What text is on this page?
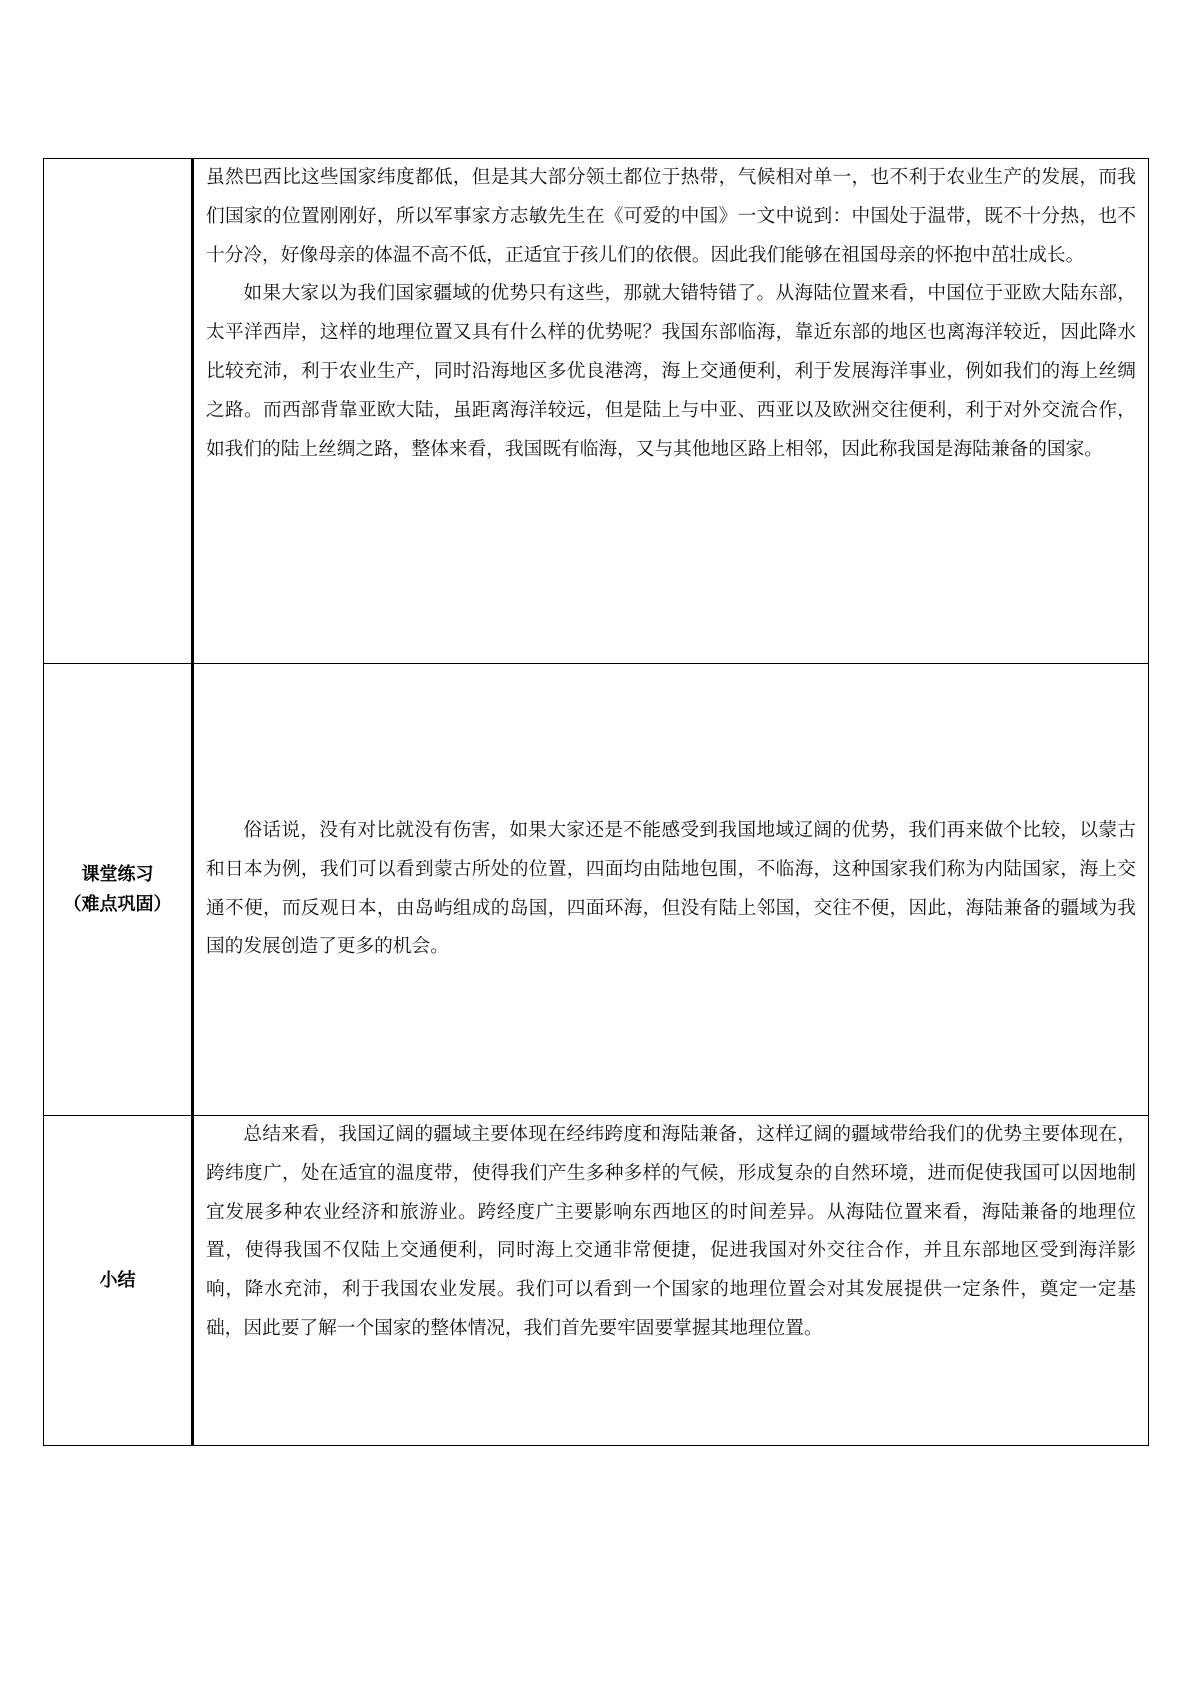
	虽然巴西比这些国家纬度都低，但是其大部分领土都位于热带，气候相对单一，也不利于农业生产的发展，而我们国家的位置刚刚好，所以军事家方志敏先生在《可爱的中国》一文中说到：中国处于温带，既不十分热，也不十分冷，好像母亲的体温不高不低，正适宜于孩儿们的依偎。因此我们能够在祖国母亲的怀抱中茁壮成长。

如果大家以为我们国家疆域的优势只有这些，那就大错特错了。从海陆位置来看，中国位于亚欧大陆东部，太平洋西岸，这样的地理位置又具有什么样的优势呢？我国东部临海，靠近东部的地区也离海洋较近，因此降水比较充沛，利于农业生产，同时沿海地区多优良港湾，海上交通便利，利于发展海洋事业，例如我们的海上丝绸之路。而西部背靠亚欧大陆，虽距离海洋较远，但是陆上与中亚、西亚以及欧洲交往便利，利于对外交流合作，如我们的陆上丝绸之路，整体来看，我国既有临海，又与其他地区路上相邻，因此称我国是海陆兼备的国家。

课堂练习
（难点巩固）	俗话说，没有对比就没有伤害，如果大家还是不能感受到我国地域辽阔的优势，我们再来做个比较，以蒙古和日本为例，我们可以看到蒙古所处的位置，四面均由陆地包围，不临海，这种国家我们称为内陆国家，海上交通不便，而反观日本，由岛屿组成的岛国，四面环海，但没有陆上邻国，交往不便，因此，海陆兼备的疆域为我国的发展创造了更多的机会。

小结	总结来看，我国辽阔的疆域主要体现在经纬跨度和海陆兼备，这样辽阔的疆域带给我们的优势主要体现在，跨纬度广，处在适宜的温度带，使得我们产生多种多样的气候，形成复杂的自然环境，进而促使我国可以因地制宜发展多种农业经济和旅游业。跨经度广主要影响东西地区的时间差异。从海陆位置来看，海陆兼备的地理位置，使得我国不仅陆上交通便利，同时海上交通非常便捷，促进我国对外交往合作，并且东部地区受到海洋影响，降水充沛，利于我国农业发展。我们可以看到一个国家的地理位置会对其发展提供一定条件，奠定一定基础，因此要了解一个国家的整体情况，我们首先要牢固要掌握其地理位置。
